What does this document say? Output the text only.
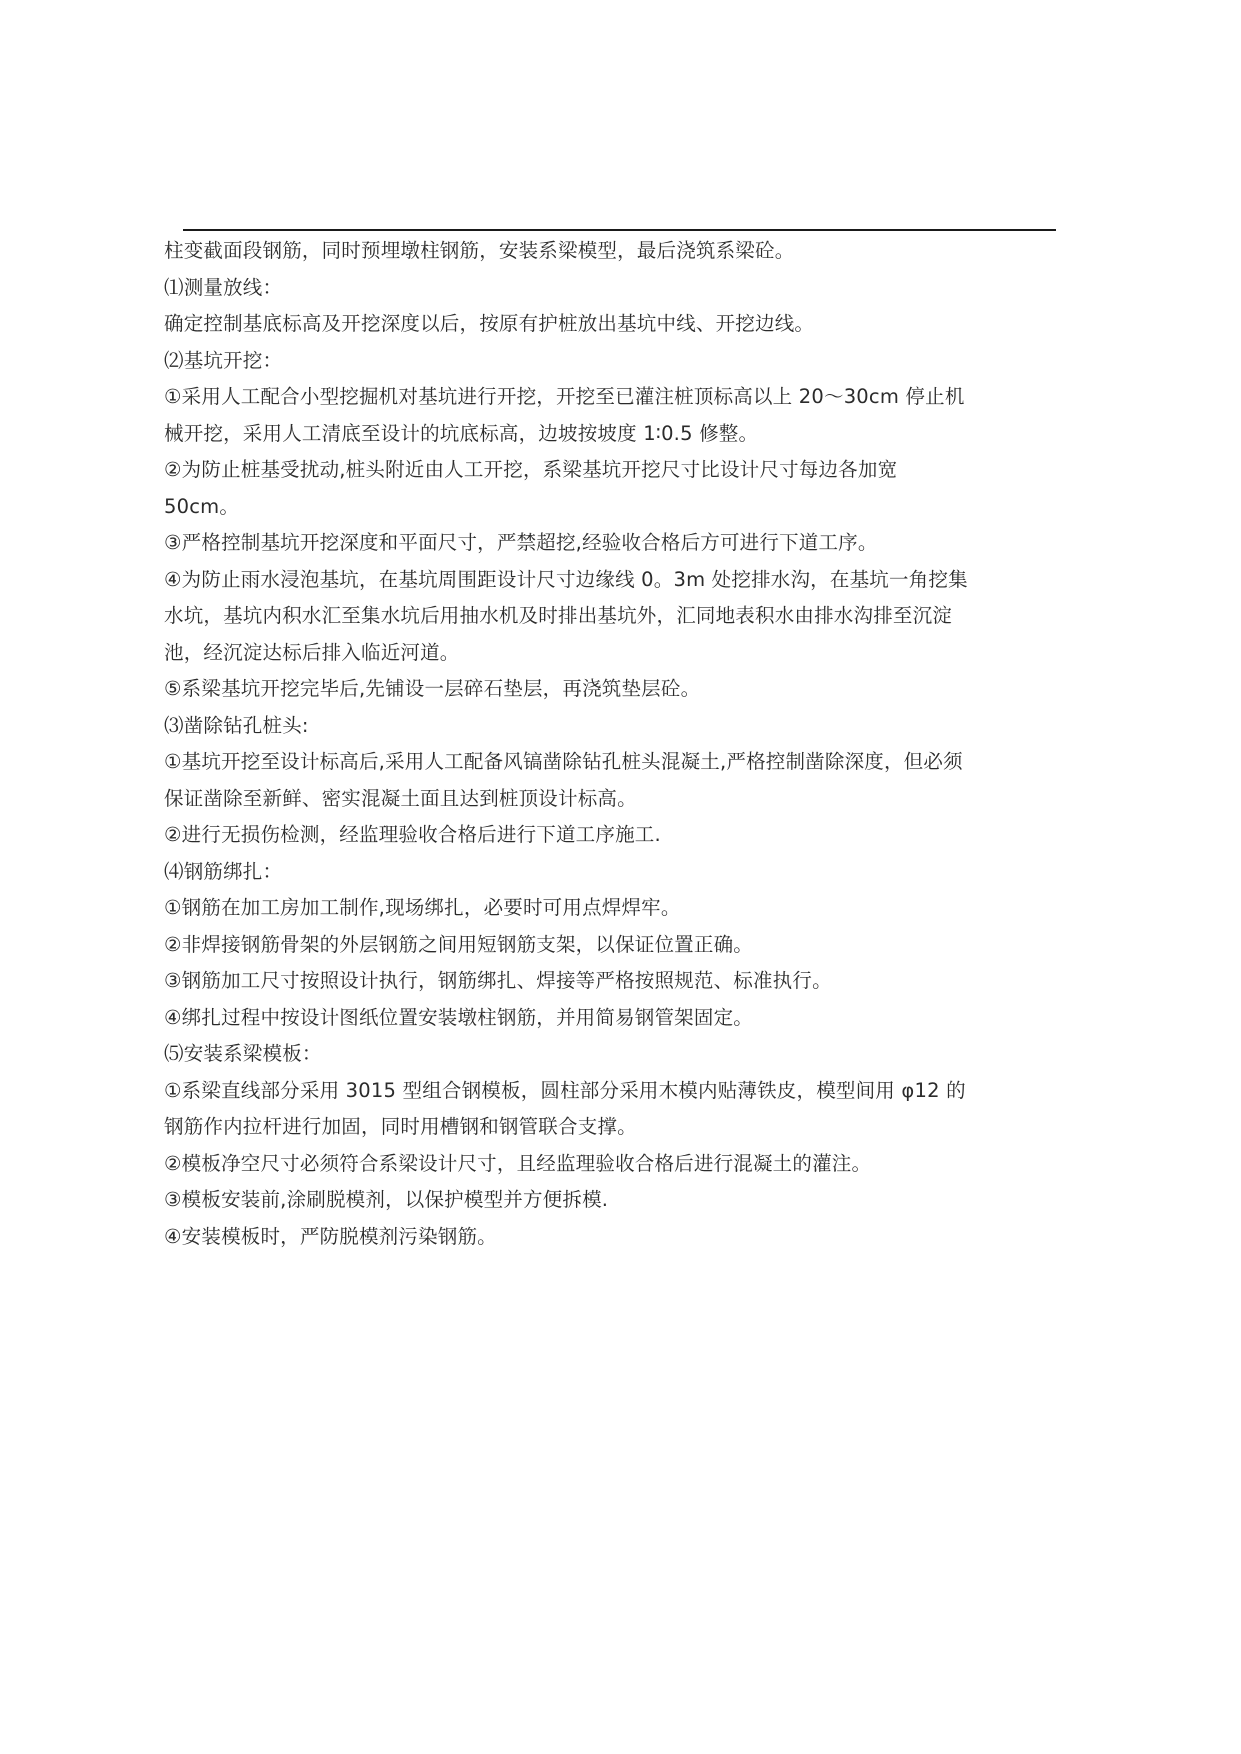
柱变截面段钢筋，同时预埋墩柱钢筋，安装系梁模型，最后浇筑系梁砼。
⑴测量放线：
确定控制基底标高及开挖深度以后，按原有护桩放出基坑中线、开挖边线。
⑵基坑开挖：
①采用人工配合小型挖掘机对基坑进行开挖，开挖至已灌注桩顶标高以上 20～30cm 停止机
械开挖，采用人工清底至设计的坑底标高，边坡按坡度 1∶0.5 修整。
②为防止桩基受扰动,桩头附近由人工开挖，系梁基坑开挖尺寸比设计尺寸每边各加宽
50cm。
③严格控制基坑开挖深度和平面尺寸，严禁超挖,经验收合格后方可进行下道工序。
④为防止雨水浸泡基坑，在基坑周围距设计尺寸边缘线 0。3m 处挖排水沟，在基坑一角挖集
水坑，基坑内积水汇至集水坑后用抽水机及时排出基坑外，汇同地表积水由排水沟排至沉淀
池，经沉淀达标后排入临近河道。
⑤系梁基坑开挖完毕后,先铺设一层碎石垫层，再浇筑垫层砼。
⑶凿除钻孔桩头:
①基坑开挖至设计标高后,采用人工配备风镐凿除钻孔桩头混凝土,严格控制凿除深度，但必须
保证凿除至新鲜、密实混凝土面且达到桩顶设计标高。
②进行无损伤检测，经监理验收合格后进行下道工序施工.
⑷钢筋绑扎：
①钢筋在加工房加工制作,现场绑扎，必要时可用点焊焊牢。
②非焊接钢筋骨架的外层钢筋之间用短钢筋支架，以保证位置正确。
③钢筋加工尺寸按照设计执行，钢筋绑扎、焊接等严格按照规范、标准执行。
④绑扎过程中按设计图纸位置安装墩柱钢筋，并用简易钢管架固定。
⑸安装系梁模板：
①系梁直线部分采用 3015 型组合钢模板，圆柱部分采用木模内贴薄铁皮，模型间用 φ12 的
钢筋作内拉杆进行加固，同时用槽钢和钢管联合支撑。
②模板净空尺寸必须符合系梁设计尺寸，且经监理验收合格后进行混凝土的灌注。
③模板安装前,涂刷脱模剂，以保护模型并方便拆模.
④安装模板时，严防脱模剂污染钢筋。
